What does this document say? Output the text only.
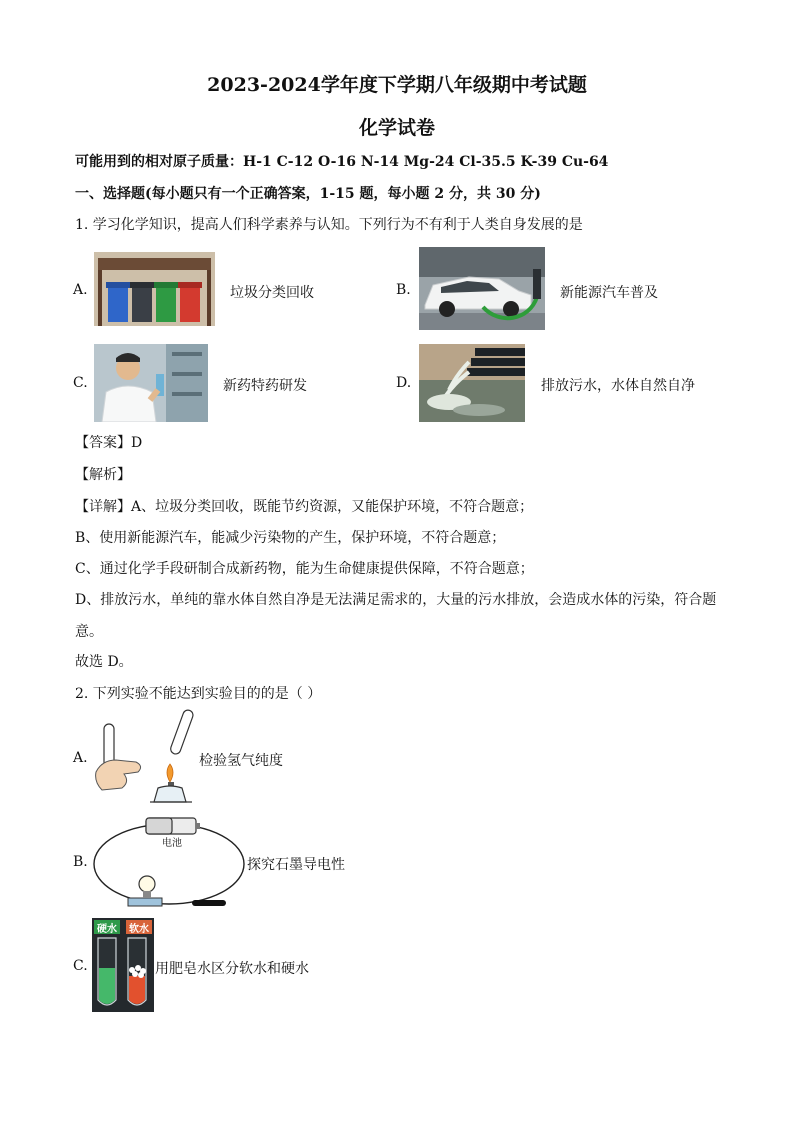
2023-2024学年度下学期八年级期中考试题
化学试卷
可能用到的相对原子质量：H-1 C-12 O-16 N-14 Mg-24 Cl-35.5 K-39 Cu-64
一、选择题(每小题只有一个正确答案，1-15 题，每小题 2 分，共 30 分)
1. 学习化学知识，提高人们科学素养与认知。下列行为不有利于人类自身发展的是
A.	垃圾分类回收	B.	新能源汽车普及
C.	新药特药研发	D.	排放污水，水体自然自净
【答案】D
【解析】
【详解】A、垃圾分类回收，既能节约资源，又能保护环境，不符合题意；
B、使用新能源汽车，能减少污染物的产生，保护环境，不符合题意；
C、通过化学手段研制合成新药物，能为生命健康提供保障，不符合题意；
D、排放污水，单纯的靠水体自然自净是无法满足需求的，大量的污水排放，会造成水体的污染，符合题
意。
故选 D。
2. 下列实验不能达到实验目的的是（ ）
A.	检验氢气纯度
B.
电池
探究石墨导电性
C.
硬水 软水
用肥皂水区分软水和硬水
